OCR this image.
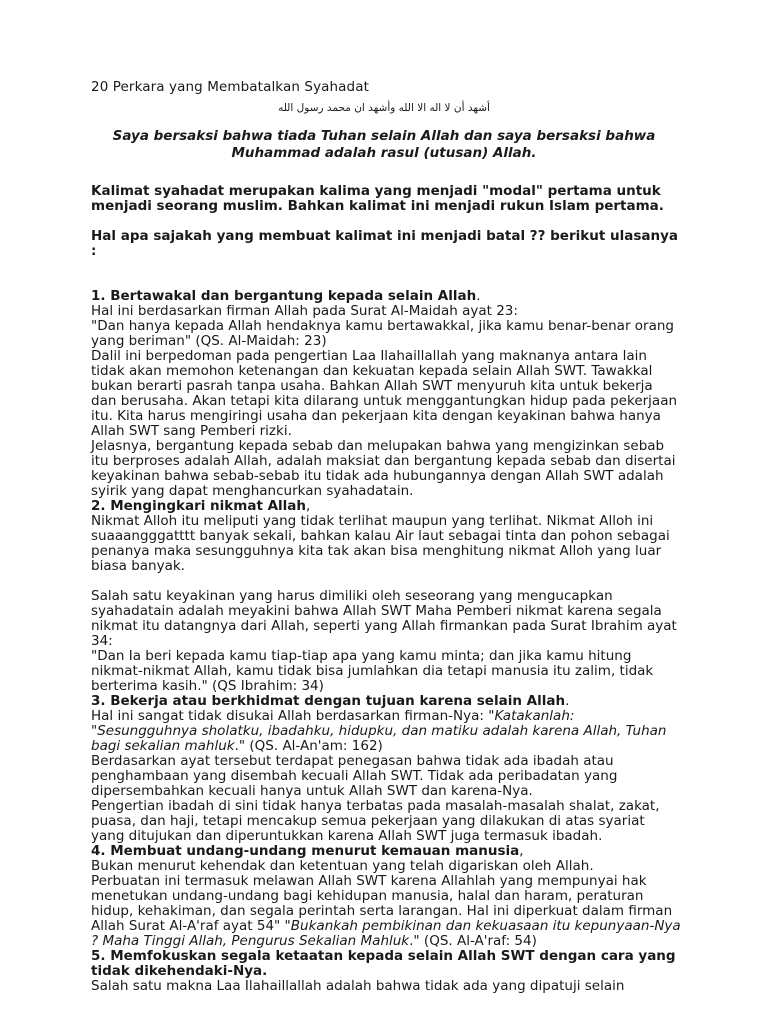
20 Perkara yang Membatalkan Syahadat
أشهد أن لا اله الا الله وأشهد ان محمد رسول الله
Saya bersaksi bahwa tiada Tuhan selain Allah dan saya bersaksi bahwa Muhammad adalah rasul (utusan) Allah.

Kalimat syahadat merupakan kalima yang menjadi "modal" pertama untuk menjadi seorang muslim. Bahkan kalimat ini menjadi rukun Islam pertama.

Hal apa sajakah yang membuat kalimat ini menjadi batal ?? berikut ulasanya :

1. Bertawakal dan bergantung kepada selain Allah.

Hal ini berdasarkan firman Allah pada Surat Al-Maidah ayat 23:

"Dan hanya kepada Allah hendaknya kamu bertawakkal, jika kamu benar-benar orang yang beriman" (QS. Al-Maidah: 23)

Dalil ini berpedoman pada pengertian Laa Ilahaillallah yang maknanya antara lain tidak akan memohon ketenangan dan kekuatan kepada selain Allah SWT. Tawakkal bukan berarti pasrah tanpa usaha. Bahkan Allah SWT menyuruh kita untuk bekerja dan berusaha. Akan tetapi kita dilarang untuk menggantungkan hidup pada pekerjaan itu. Kita harus mengiringi usaha dan pekerjaan kita dengan keyakinan bahwa hanya Allah SWT sang Pemberi rizki.

Jelasnya, bergantung kepada sebab dan melupakan bahwa yang mengizinkan sebab itu berproses adalah Allah, adalah maksiat dan bergantung kepada sebab dan disertai keyakinan bahwa sebab-sebab itu tidak ada hubungannya dengan Allah SWT adalah syirik yang dapat menghancurkan syahadatain.

2. Mengingkari nikmat Allah,

Nikmat Alloh itu meliputi yang tidak terlihat maupun yang terlihat. Nikmat Alloh ini suaaangggatttt banyak sekali, bahkan kalau Air laut sebagai tinta dan pohon sebagai penanya maka sesungguhnya kita tak akan bisa menghitung nikmat Alloh yang luar biasa banyak.

Salah satu keyakinan yang harus dimiliki oleh seseorang yang mengucapkan syahadatain adalah meyakini bahwa Allah SWT Maha Pemberi nikmat karena segala nikmat itu datangnya dari Allah, seperti yang Allah firmankan pada Surat Ibrahim ayat 34:

"Dan Ia beri kepada kamu tiap-tiap apa yang kamu minta; dan jika kamu hitung nikmat-nikmat Allah, kamu tidak bisa jumlahkan dia tetapi manusia itu zalim, tidak berterima kasih." (QS Ibrahim: 34)

3. Bekerja atau berkhidmat dengan tujuan karena selain Allah.

Hal ini sangat tidak disukai Allah berdasarkan firman-Nya: "Katakanlah: "Sesungguhnya sholatku, ibadahku, hidupku, dan matiku adalah karena Allah, Tuhan bagi sekalian mahluk." (QS. Al-An'am: 162)

Berdasarkan ayat tersebut terdapat penegasan bahwa tidak ada ibadah atau penghambaan yang disembah kecuali Allah SWT. Tidak ada peribadatan yang dipersembahkan kecuali hanya untuk Allah SWT dan karena-Nya.

Pengertian ibadah di sini tidak hanya terbatas pada masalah-masalah shalat, zakat, puasa, dan haji, tetapi mencakup semua pekerjaan yang dilakukan di atas syariat yang ditujukan dan diperuntukkan karena Allah SWT juga termasuk ibadah.

4. Membuat undang-undang menurut kemauan manusia,

Bukan menurut kehendak dan ketentuan yang telah digariskan oleh Allah.

Perbuatan ini termasuk melawan Allah SWT karena Allahlah yang mempunyai hak menetukan undang-undang bagi kehidupan manusia, halal dan haram, peraturan hidup, kehakiman, dan segala perintah serta larangan. Hal ini diperkuat dalam firman Allah Surat Al-A'raf ayat 54" "Bukankah pembikinan dan kekuasaan itu kepunyaan-Nya ? Maha Tinggi Allah, Pengurus Sekalian Mahluk." (QS. Al-A'raf: 54)

5. Memfokuskan segala ketaatan kepada selain Allah SWT dengan cara yang tidak dikehendaki-Nya.

Salah satu makna Laa Ilahaillallah adalah bahwa tidak ada yang dipatuji selain
